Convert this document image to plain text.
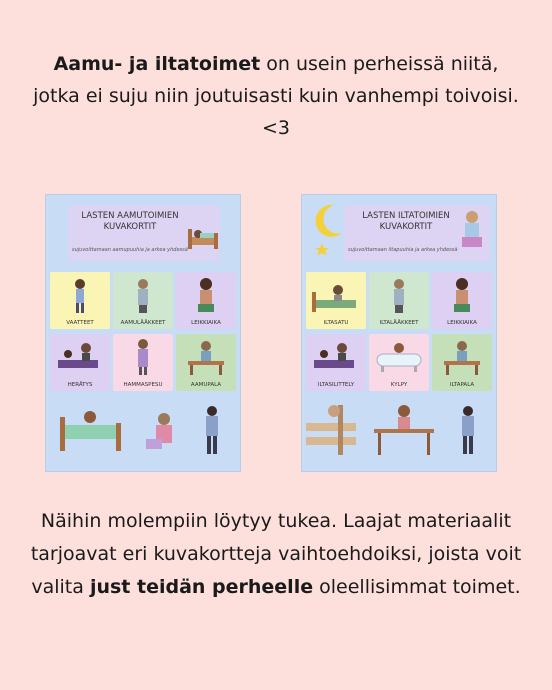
Aamu- ja iltatoimet on usein perheissä niitä, jotka ei suju niin joutuisasti kuin vanhempi toivoisi. <3
LASTEN AAMUTOIMIEN KUVAKORTIT
sujuvoittamaan aamupuuhia ja arkea yhdessä
VAATTEET	AAMULÄÄKKEET	LEIKKIAIKA
HERÄTYS	HAMMASPESU	AAMUPALA
LASTEN ILTATOIMIEN KUVAKORTIT
sujuvoittamaan iltapuuhia ja arkea yhdessä
ILTASATU	ILTALÄÄKKEET	LEIKKIAIKA
ILTASILITTELY	KYLPY	ILTAPALA
Näihin molempiin löytyy tukea. Laajat materiaalit tarjoavat eri kuvakortteja vaihtoehdoiksi, joista voit valita just teidän perheelle oleellisimmat toimet.
